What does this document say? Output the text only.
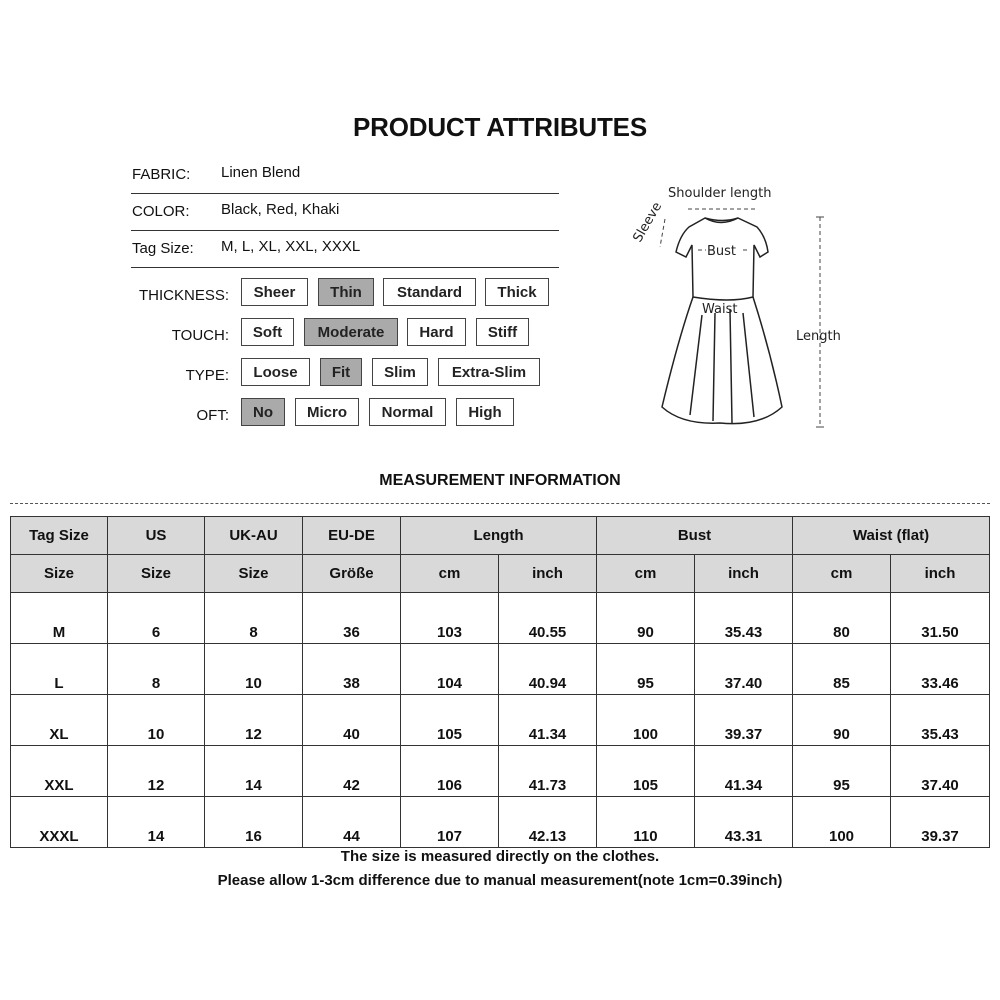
PRODUCT ATTRIBUTES
FABRIC: Linen Blend
COLOR: Black, Red, Khaki
Tag Size: M, L, XL, XXL, XXXL
THICKNESS:	Sheer	Thin	Standard	Thick
TOUCH:	Soft	Moderate	Hard	Stiff
TYPE:	Loose	Fit	Slim	Extra-Slim
OFT:	No	Micro	Normal	High
Shoulder length
Sleeve
Bust
Waist
Length
MEASUREMENT INFORMATION
Tag Size	US	UK-AU	EU-DE	Length		Bust		Waist (flat)	
Size	Size	Size	Größe	cm	inch	cm	inch	cm	inch
M	6	8	36	103	40.55	90	35.43	80	31.50
L	8	10	38	104	40.94	95	37.40	85	33.46
XL	10	12	40	105	41.34	100	39.37	90	35.43
XXL	12	14	42	106	41.73	105	41.34	95	37.40
XXXL	14	16	44	107	42.13	110	43.31	100	39.37
The size is measured directly on the clothes.
Please allow 1-3cm difference due to manual measurement(note 1cm=0.39inch)
